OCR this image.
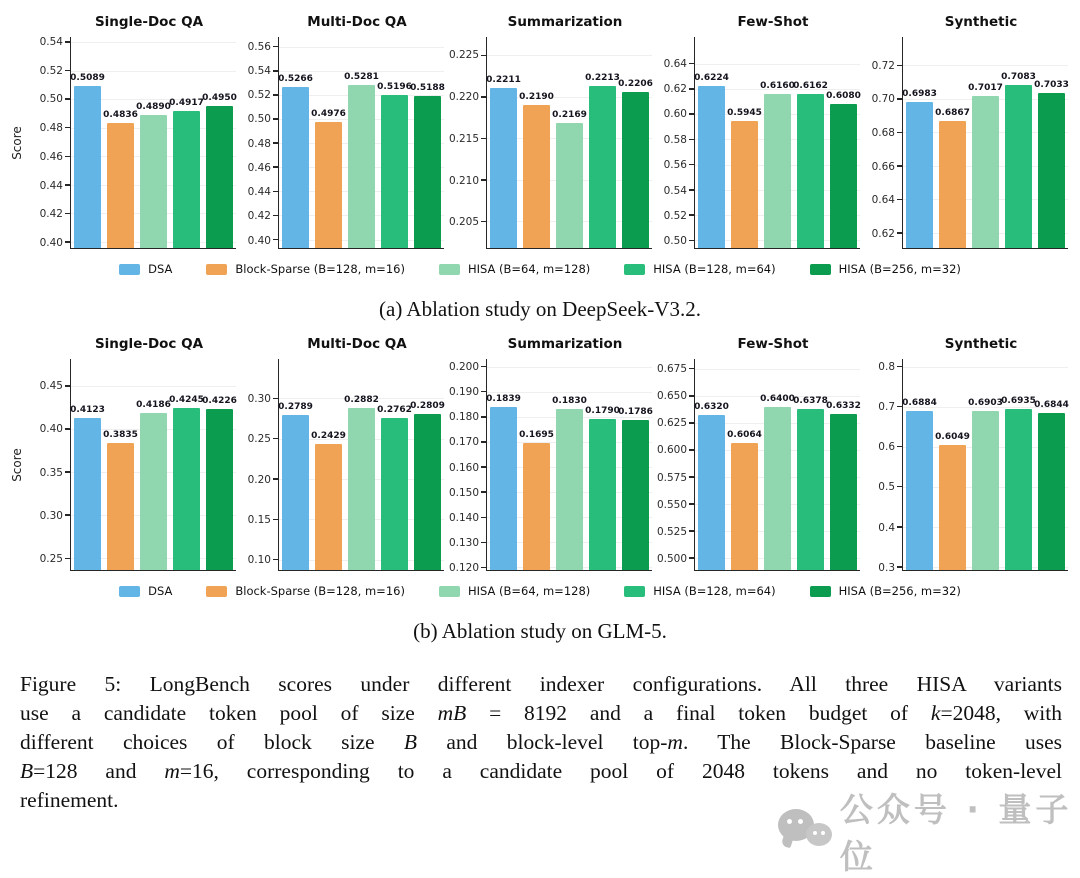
Single-Doc QA
Score
0.54
0.52
0.50
0.48
0.46
0.44
0.42
0.40
0.5089
0.4836
0.4890
0.4917
0.4950
Multi-Doc QA
0.56
0.54
0.52
0.50
0.48
0.46
0.44
0.42
0.40
0.5266
0.4976
0.5281
0.5196
0.5188
Summarization
0.225
0.220
0.215
0.210
0.205
0.2211
0.2190
0.2169
0.2213
0.2206
Few-Shot
0.64
0.62
0.60
0.58
0.56
0.54
0.52
0.50
0.6224
0.5945
0.6160
0.6162
0.6080
Synthetic
0.72
0.70
0.68
0.66
0.64
0.62
0.6983
0.6867
0.7017
0.7083
0.7033
DSA	Block-Sparse (B=128, m=16)	HISA (B=64, m=128)	HISA (B=128, m=64)	HISA (B=256, m=32)
(a) Ablation study on DeepSeek-V3.2.
Single-Doc QA
Score
0.45
0.40
0.35
0.30
0.25
0.4123
0.3835
0.4186
0.4245
0.4226
Multi-Doc QA
0.30
0.25
0.20
0.15
0.10
0.2789
0.2429
0.2882
0.2762
0.2809
Summarization
0.200
0.190
0.180
0.170
0.160
0.150
0.140
0.130
0.120
0.1839
0.1695
0.1830
0.1790
0.1786
Few-Shot
0.675
0.650
0.625
0.600
0.575
0.550
0.525
0.500
0.6320
0.6064
0.6400
0.6378
0.6332
Synthetic
0.8
0.7
0.6
0.5
0.4
0.3
0.6884
0.6049
0.6903
0.6935
0.6844
DSA	Block-Sparse (B=128, m=16)	HISA (B=64, m=128)	HISA (B=128, m=64)	HISA (B=256, m=32)
(b) Ablation study on GLM-5.
Figure 5: LongBench scores under different indexer configurations. All three HISA variants
use a candidate token pool of size mB = 8192 and a final token budget of k=2048, with
different choices of block size B and block-level top-m. The Block-Sparse baseline uses
B=128 and m=16, corresponding to a candidate pool of 2048 tokens and no token-level
refinement.	公众号 · 量子位
